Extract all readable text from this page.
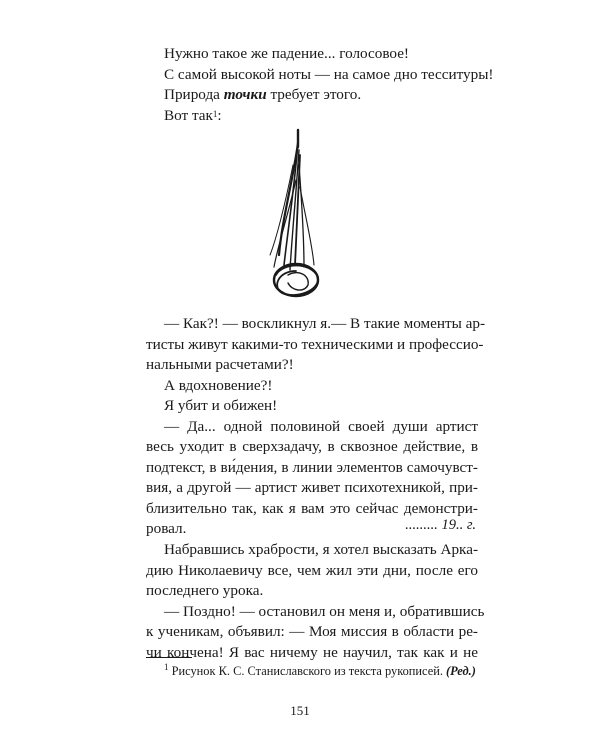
Нужно такое же падение... голосовое!
С самой высокой ноты — на самое дно тесситуры!
Природа точки требует этого.
Вот так$^1$:
— Как?! — воскликнул я.— В такие моменты ар-
тисты живут какими-то техническими и профессио-
нальными расчетами?!
А вдохновение?!
Я убит и обижен!
— Да... одной половиной своей души артист
весь уходит в сверхзадачу, в сквозное действие, в
подтекст, в ви́дения, в линии элементов самочувст-
вия, а другой — артист живет психотехникой, при-
близительно так, как я вам это сейчас демонстри-
ровал.	......... 19.. г.
Набравшись храбрости, я хотел высказать Арка-
дию Николаевичу все, чем жил эти дни, после его
последнего урока.
— Поздно! — остановил он меня и, обратившись
к ученикам, объявил: — Моя миссия в области ре-
чи кончена! Я вас ничему не научил, так как и не
$^1$ Рисунок К. С. Станиславского из текста рукописей. (Ред.)
151
